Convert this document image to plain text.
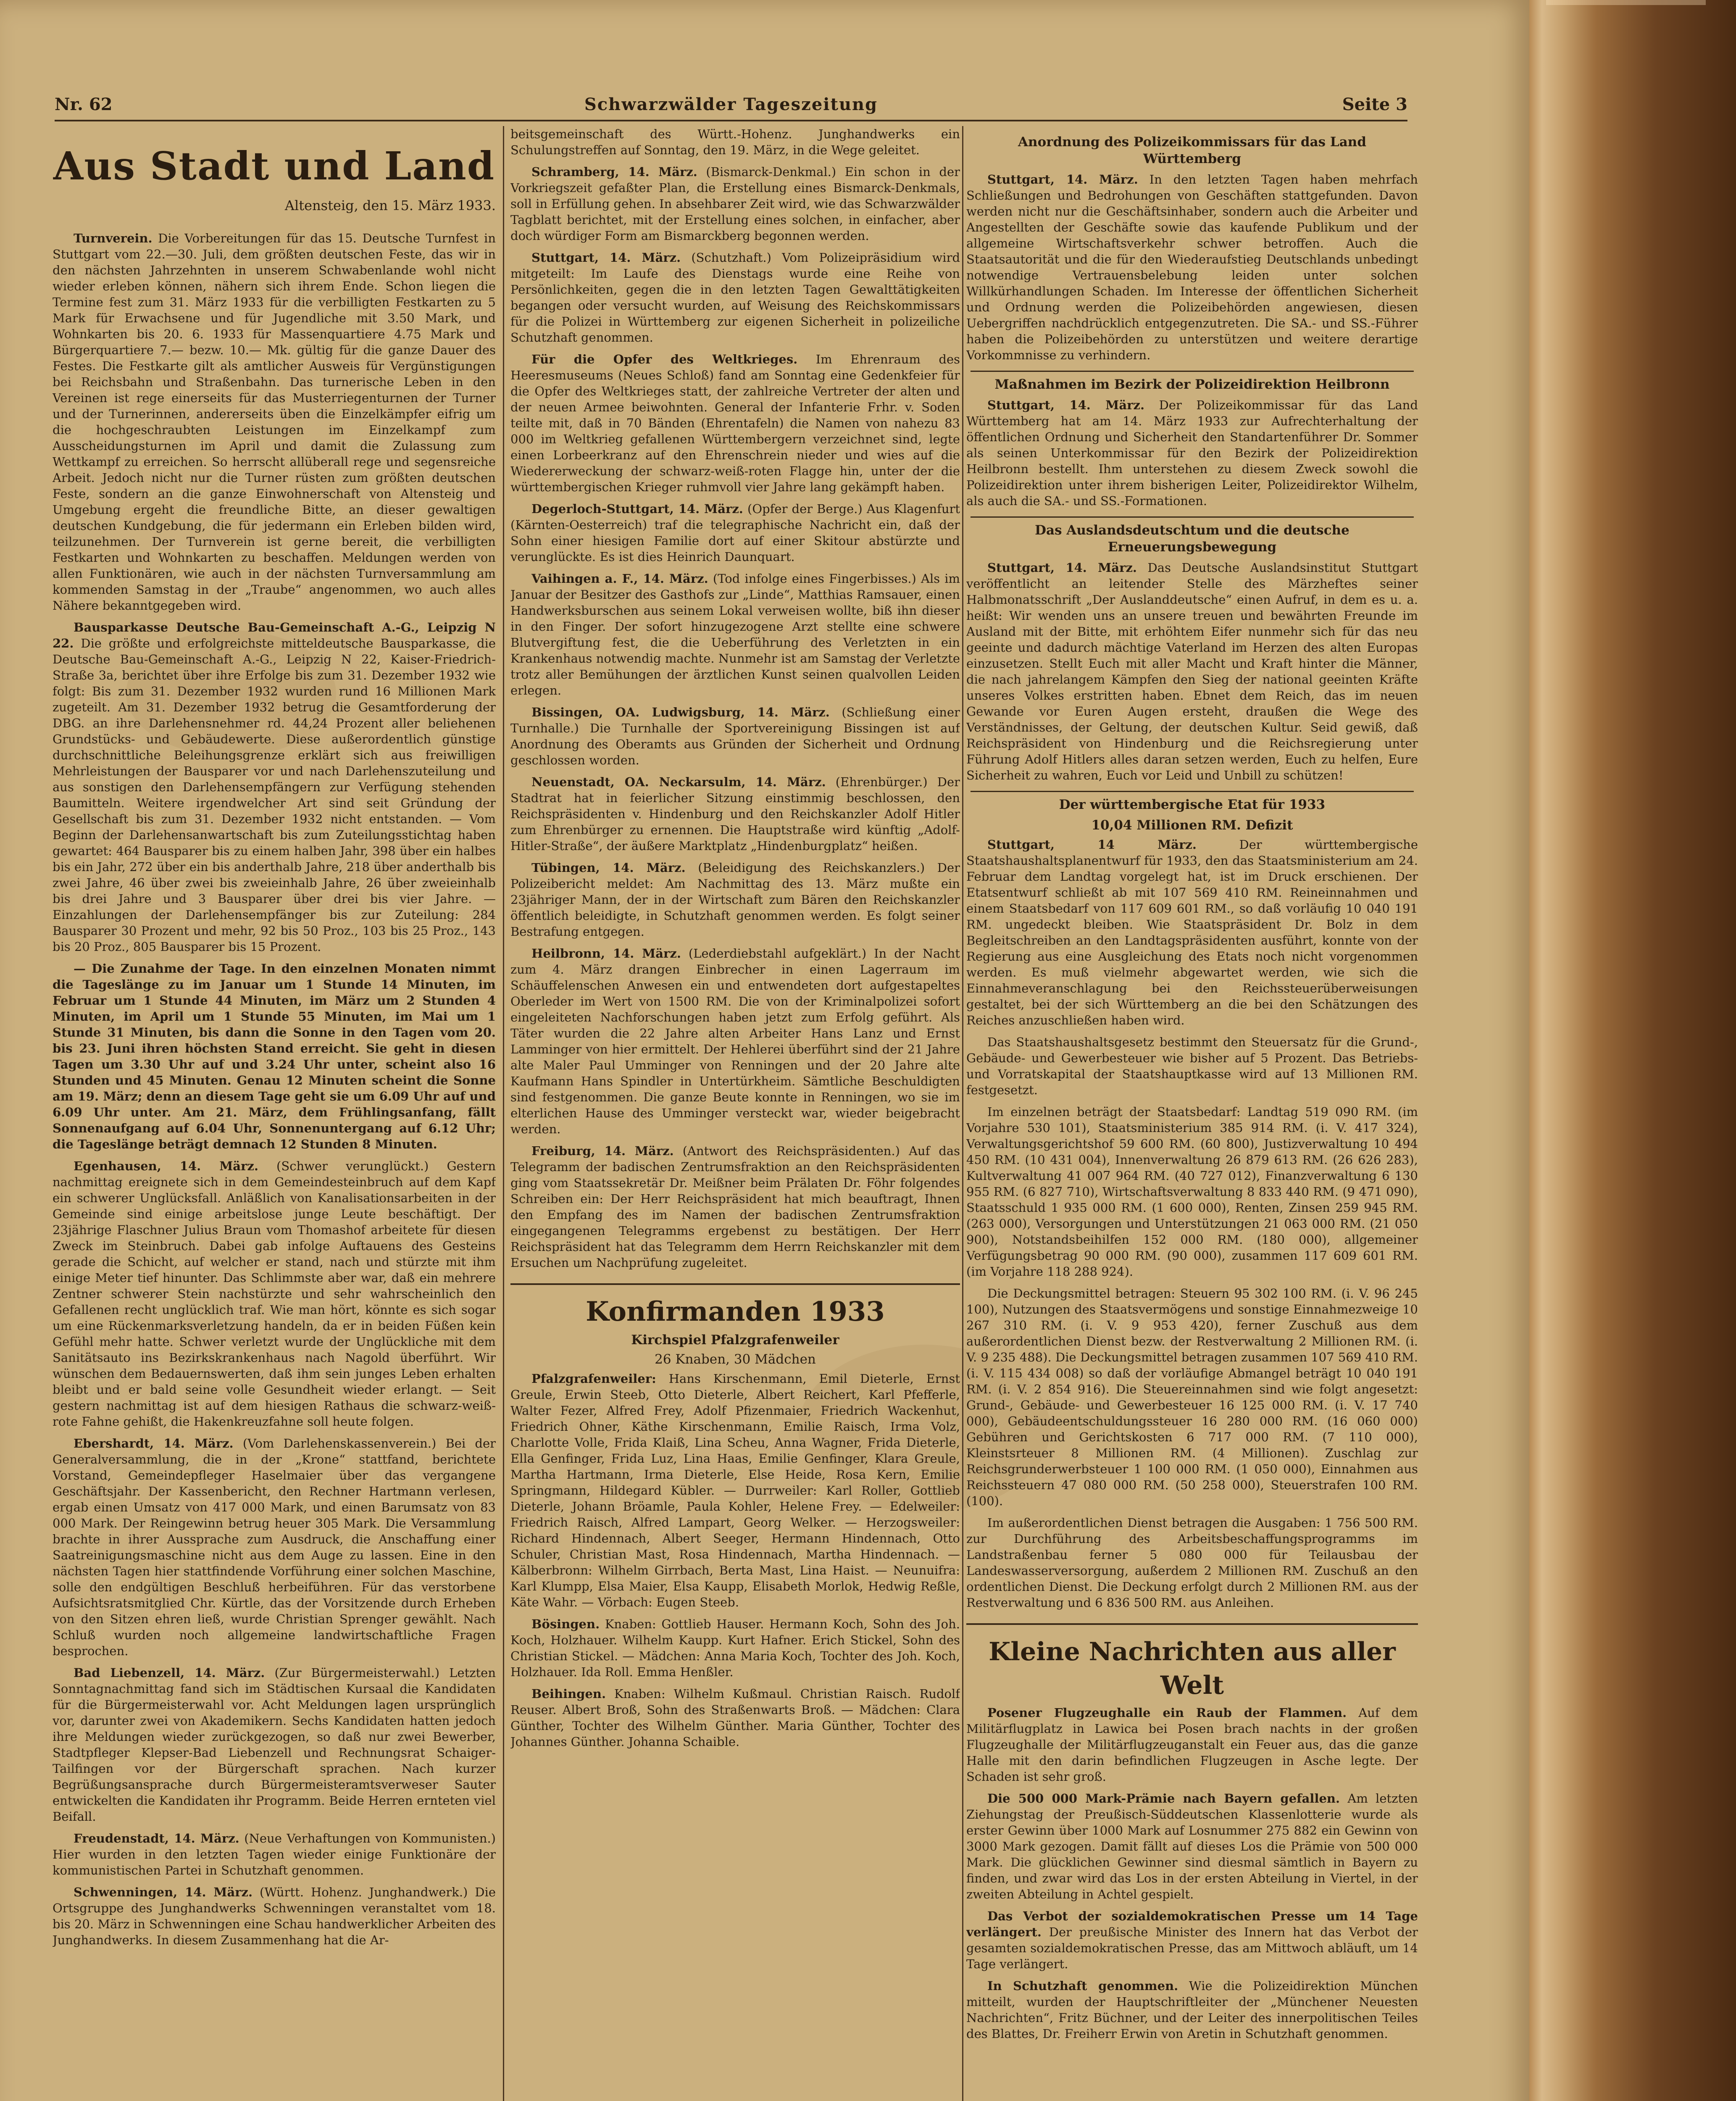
Nr. 62	Schwarzwälder Tageszeitung	Seite 3
Aus Stadt und Land
Altensteig, den 15. März 1933.

Turnverein. Die Vorbereitungen für das 15. Deutsche Turnfest in Stuttgart vom 22.—30. Juli, dem größten deutschen Feste, das wir in den nächsten Jahrzehnten in unserem Schwabenlande wohl nicht wieder erleben können, nähern sich ihrem Ende. Schon liegen die Termine fest zum 31. März 1933 für die verbilligten Festkarten zu 5 Mark für Erwachsene und für Jugendliche mit 3.50 Mark, und Wohnkarten bis 20. 6. 1933 für Massenquartiere 4.75 Mark und Bürgerquartiere 7.— bezw. 10.— Mk. gültig für die ganze Dauer des Festes. Die Festkarte gilt als amtlicher Ausweis für Vergünstigungen bei Reichsbahn und Straßenbahn. Das turnerische Leben in den Vereinen ist rege einerseits für das Musterriegenturnen der Turner und der Turnerinnen, andererseits üben die Einzelkämpfer eifrig um die hochgeschraubten Leistungen im Einzelkampf zum Ausscheidungsturnen im April und damit die Zulassung zum Wettkampf zu erreichen. So herrscht allüberall rege und segensreiche Arbeit. Jedoch nicht nur die Turner rüsten zum größten deutschen Feste, sondern an die ganze Einwohnerschaft von Altensteig und Umgebung ergeht die freundliche Bitte, an dieser gewaltigen deutschen Kundgebung, die für jedermann ein Erleben bilden wird, teilzunehmen. Der Turnverein ist gerne bereit, die verbilligten Festkarten und Wohnkarten zu beschaffen. Meldungen werden von allen Funktionären, wie auch in der nächsten Turnversammlung am kommenden Samstag in der „Traube“ angenommen, wo auch alles Nähere bekanntgegeben wird.

Bausparkasse Deutsche Bau-Gemeinschaft A.-G., Leipzig N 22. Die größte und erfolgreichste mitteldeutsche Bausparkasse, die Deutsche Bau-Gemeinschaft A.-G., Leipzig N 22, Kaiser-Friedrich-Straße 3a, berichtet über ihre Erfolge bis zum 31. Dezember 1932 wie folgt: Bis zum 31. Dezember 1932 wurden rund 16 Millionen Mark zugeteilt. Am 31. Dezember 1932 betrug die Gesamtforderung der DBG. an ihre Darlehensnehmer rd. 44,24 Prozent aller beliehenen Grundstücks- und Gebäudewerte. Diese außerordentlich günstige durchschnittliche Beleihungsgrenze erklärt sich aus freiwilligen Mehrleistungen der Bausparer vor und nach Darlehenszuteilung und aus sonstigen den Darlehensempfängern zur Verfügung stehenden Baumitteln. Weitere irgendwelcher Art sind seit Gründung der Gesellschaft bis zum 31. Dezember 1932 nicht entstanden. — Vom Beginn der Darlehensanwartschaft bis zum Zuteilungsstichtag haben gewartet: 464 Bausparer bis zu einem halben Jahr, 398 über ein halbes bis ein Jahr, 272 über ein bis anderthalb Jahre, 218 über anderthalb bis zwei Jahre, 46 über zwei bis zweieinhalb Jahre, 26 über zweieinhalb bis drei Jahre und 3 Bausparer über drei bis vier Jahre. — Einzahlungen der Darlehensempfänger bis zur Zuteilung: 284 Bausparer 30 Prozent und mehr, 92 bis 50 Proz., 103 bis 25 Proz., 143 bis 20 Proz., 805 Bausparer bis 15 Prozent.

— Die Zunahme der Tage. In den einzelnen Monaten nimmt die Tageslänge zu im Januar um 1 Stunde 14 Minuten, im Februar um 1 Stunde 44 Minuten, im März um 2 Stunden 4 Minuten, im April um 1 Stunde 55 Minuten, im Mai um 1 Stunde 31 Minuten, bis dann die Sonne in den Tagen vom 20. bis 23. Juni ihren höchsten Stand erreicht. Sie geht in diesen Tagen um 3.30 Uhr auf und 3.24 Uhr unter, scheint also 16 Stunden und 45 Minuten. Genau 12 Minuten scheint die Sonne am 19. März; denn an diesem Tage geht sie um 6.09 Uhr auf und 6.09 Uhr unter. Am 21. März, dem Frühlingsanfang, fällt Sonnenaufgang auf 6.04 Uhr, Sonnenuntergang auf 6.12 Uhr; die Tageslänge beträgt demnach 12 Stunden 8 Minuten.

Egenhausen, 14. März. (Schwer verunglückt.) Gestern nachmittag ereignete sich in dem Gemeindesteinbruch auf dem Kapf ein schwerer Unglücksfall. Anläßlich von Kanalisationsarbeiten in der Gemeinde sind einige arbeitslose junge Leute beschäftigt. Der 23jährige Flaschner Julius Braun vom Thomashof arbeitete für diesen Zweck im Steinbruch. Dabei gab infolge Auftauens des Gesteins gerade die Schicht, auf welcher er stand, nach und stürzte mit ihm einige Meter tief hinunter. Das Schlimmste aber war, daß ein mehrere Zentner schwerer Stein nachstürzte und sehr wahrscheinlich den Gefallenen recht unglücklich traf. Wie man hört, könnte es sich sogar um eine Rückenmarksverletzung handeln, da er in beiden Füßen kein Gefühl mehr hatte. Schwer verletzt wurde der Unglückliche mit dem Sanitätsauto ins Bezirkskrankenhaus nach Nagold überführt. Wir wünschen dem Bedauernswerten, daß ihm sein junges Leben erhalten bleibt und er bald seine volle Gesundheit wieder erlangt. — Seit gestern nachmittag ist auf dem hiesigen Rathaus die schwarz-weiß-rote Fahne gehißt, die Hakenkreuzfahne soll heute folgen.

Ebershardt, 14. März. (Vom Darlehenskassenverein.) Bei der Generalversammlung, die in der „Krone“ stattfand, berichtete Vorstand, Gemeindepfleger Haselmaier über das vergangene Geschäftsjahr. Der Kassenbericht, den Rechner Hartmann verlesen, ergab einen Umsatz von 417 000 Mark, und einen Barumsatz von 83 000 Mark. Der Reingewinn betrug heuer 305 Mark. Die Versammlung brachte in ihrer Aussprache zum Ausdruck, die Anschaffung einer Saatreinigungsmaschine nicht aus dem Auge zu lassen. Eine in den nächsten Tagen hier stattfindende Vorführung einer solchen Maschine, solle den endgültigen Beschluß herbeiführen. Für das verstorbene Aufsichtsratsmitglied Chr. Kürtle, das der Vorsitzende durch Erheben von den Sitzen ehren ließ, wurde Christian Sprenger gewählt. Nach Schluß wurden noch allgemeine landwirtschaftliche Fragen besprochen.

Bad Liebenzell, 14. März. (Zur Bürgermeisterwahl.) Letzten Sonntagnachmittag fand sich im Städtischen Kursaal die Kandidaten für die Bürgermeisterwahl vor. Acht Meldungen lagen ursprünglich vor, darunter zwei von Akademikern. Sechs Kandidaten hatten jedoch ihre Meldungen wieder zurückgezogen, so daß nur zwei Bewerber, Stadtpfleger Klepser-Bad Liebenzell und Rechnungsrat Schaiger-Tailfingen vor der Bürgerschaft sprachen. Nach kurzer Begrüßungsansprache durch Bürgermeisteramtsverweser Sauter entwickelten die Kandidaten ihr Programm. Beide Herren ernteten viel Beifall.

Freudenstadt, 14. März. (Neue Verhaftungen von Kommunisten.) Hier wurden in den letzten Tagen wieder einige Funktionäre der kommunistischen Partei in Schutzhaft genommen.

Schwenningen, 14. März. (Württ. Hohenz. Junghandwerk.) Die Ortsgruppe des Junghandwerks Schwenningen veranstaltet vom 18. bis 20. März in Schwenningen eine Schau handwerklicher Arbeiten des Junghandwerks. In diesem Zusammenhang hat die Ar-

beitsgemeinschaft des Württ.-Hohenz. Junghandwerks ein Schulungstreffen auf Sonntag, den 19. März, in die Wege geleitet.

Schramberg, 14. März. (Bismarck-Denkmal.) Ein schon in der Vorkriegszeit gefaßter Plan, die Erstellung eines Bismarck-Denkmals, soll in Erfüllung gehen. In absehbarer Zeit wird, wie das Schwarzwälder Tagblatt berichtet, mit der Erstellung eines solchen, in einfacher, aber doch würdiger Form am Bismarckberg begonnen werden.

Stuttgart, 14. März. (Schutzhaft.) Vom Polizeipräsidium wird mitgeteilt: Im Laufe des Dienstags wurde eine Reihe von Persönlichkeiten, gegen die in den letzten Tagen Gewalttätigkeiten begangen oder versucht wurden, auf Weisung des Reichskommissars für die Polizei in Württemberg zur eigenen Sicherheit in polizeiliche Schutzhaft genommen.

Für die Opfer des Weltkrieges. Im Ehrenraum des Heeresmuseums (Neues Schloß) fand am Sonntag eine Gedenkfeier für die Opfer des Weltkrieges statt, der zahlreiche Vertreter der alten und der neuen Armee beiwohnten. General der Infanterie Frhr. v. Soden teilte mit, daß in 70 Bänden (Ehrentafeln) die Namen von nahezu 83 000 im Weltkrieg gefallenen Württembergern verzeichnet sind, legte einen Lorbeerkranz auf den Ehrenschrein nieder und wies auf die Wiedererweckung der schwarz-weiß-roten Flagge hin, unter der die württembergischen Krieger ruhmvoll vier Jahre lang gekämpft haben.

Degerloch-Stuttgart, 14. März. (Opfer der Berge.) Aus Klagenfurt (Kärnten-Oesterreich) traf die telegraphische Nachricht ein, daß der Sohn einer hiesigen Familie dort auf einer Skitour abstürzte und verunglückte. Es ist dies Heinrich Daunquart.

Vaihingen a. F., 14. März. (Tod infolge eines Fingerbisses.) Als im Januar der Besitzer des Gasthofs zur „Linde“, Matthias Ramsauer, einen Handwerksburschen aus seinem Lokal verweisen wollte, biß ihn dieser in den Finger. Der sofort hinzugezogene Arzt stellte eine schwere Blutvergiftung fest, die die Ueberführung des Verletzten in ein Krankenhaus notwendig machte. Nunmehr ist am Samstag der Verletzte trotz aller Bemühungen der ärztlichen Kunst seinen qualvollen Leiden erlegen.

Bissingen, OA. Ludwigsburg, 14. März. (Schließung einer Turnhalle.) Die Turnhalle der Sportvereinigung Bissingen ist auf Anordnung des Oberamts aus Gründen der Sicherheit und Ordnung geschlossen worden.

Neuenstadt, OA. Neckarsulm, 14. März. (Ehrenbürger.) Der Stadtrat hat in feierlicher Sitzung einstimmig beschlossen, den Reichspräsidenten v. Hindenburg und den Reichskanzler Adolf Hitler zum Ehrenbürger zu ernennen. Die Hauptstraße wird künftig „Adolf-Hitler-Straße“, der äußere Marktplatz „Hindenburgplatz“ heißen.

Tübingen, 14. März. (Beleidigung des Reichskanzlers.) Der Polizeibericht meldet: Am Nachmittag des 13. März mußte ein 23jähriger Mann, der in der Wirtschaft zum Bären den Reichskanzler öffentlich beleidigte, in Schutzhaft genommen werden. Es folgt seiner Bestrafung entgegen.

Heilbronn, 14. März. (Lederdiebstahl aufgeklärt.) In der Nacht zum 4. März drangen Einbrecher in einen Lagerraum im Schäuffelenschen Anwesen ein und entwendeten dort aufgestapeltes Oberleder im Wert von 1500 RM. Die von der Kriminalpolizei sofort eingeleiteten Nachforschungen haben jetzt zum Erfolg geführt. Als Täter wurden die 22 Jahre alten Arbeiter Hans Lanz und Ernst Lamminger von hier ermittelt. Der Hehlerei überführt sind der 21 Jahre alte Maler Paul Umminger von Renningen und der 20 Jahre alte Kaufmann Hans Spindler in Untertürkheim. Sämtliche Beschuldigten sind festgenommen. Die ganze Beute konnte in Renningen, wo sie im elterlichen Hause des Umminger versteckt war, wieder beigebracht werden.

Freiburg, 14. März. (Antwort des Reichspräsidenten.) Auf das Telegramm der badischen Zentrumsfraktion an den Reichspräsidenten ging vom Staatssekretär Dr. Meißner beim Prälaten Dr. Föhr folgendes Schreiben ein: Der Herr Reichspräsident hat mich beauftragt, Ihnen den Empfang des im Namen der badischen Zentrumsfraktion eingegangenen Telegramms ergebenst zu bestätigen. Der Herr Reichspräsident hat das Telegramm dem Herrn Reichskanzler mit dem Ersuchen um Nachprüfung zugeleitet.

Konfirmanden 1933
Kirchspiel Pfalzgrafenweiler
26 Knaben, 30 Mädchen

Pfalzgrafenweiler: Hans Kirschenmann, Emil Dieterle, Ernst Greule, Erwin Steeb, Otto Dieterle, Albert Reichert, Karl Pfefferle, Walter Fezer, Alfred Frey, Adolf Pfizenmaier, Friedrich Wackenhut, Friedrich Ohner, Käthe Kirschenmann, Emilie Raisch, Irma Volz, Charlotte Volle, Frida Klaiß, Lina Scheu, Anna Wagner, Frida Dieterle, Ella Genfinger, Frida Luz, Lina Haas, Emilie Genfinger, Klara Greule, Martha Hartmann, Irma Dieterle, Else Heide, Rosa Kern, Emilie Springmann, Hildegard Kübler. — Durrweiler: Karl Roller, Gottlieb Dieterle, Johann Bröamle, Paula Kohler, Helene Frey. — Edelweiler: Friedrich Raisch, Alfred Lampart, Georg Welker. — Herzogsweiler: Richard Hindennach, Albert Seeger, Hermann Hindennach, Otto Schuler, Christian Mast, Rosa Hindennach, Martha Hindennach. — Kälberbronn: Wilhelm Girrbach, Berta Mast, Lina Haist. — Neunuifra: Karl Klumpp, Elsa Maier, Elsa Kaupp, Elisabeth Morlok, Hedwig Reßle, Käte Wahr. — Vörbach: Eugen Steeb.

Bösingen. Knaben: Gottlieb Hauser. Hermann Koch, Sohn des Joh. Koch, Holzhauer. Wilhelm Kaupp. Kurt Hafner. Erich Stickel, Sohn des Christian Stickel. — Mädchen: Anna Maria Koch, Tochter des Joh. Koch, Holzhauer. Ida Roll. Emma Henßler.

Beihingen. Knaben: Wilhelm Kußmaul. Christian Raisch. Rudolf Reuser. Albert Broß, Sohn des Straßenwarts Broß. — Mädchen: Clara Günther, Tochter des Wilhelm Günther. Maria Günther, Tochter des Johannes Günther. Johanna Schaible.

Anordnung des Polizeikommissars für das Land Württemberg

Stuttgart, 14. März. In den letzten Tagen haben mehrfach Schließungen und Bedrohungen von Geschäften stattgefunden. Davon werden nicht nur die Geschäftsinhaber, sondern auch die Arbeiter und Angestellten der Geschäfte sowie das kaufende Publikum und der allgemeine Wirtschaftsverkehr schwer betroffen. Auch die Staatsautorität und die für den Wiederaufstieg Deutschlands unbedingt notwendige Vertrauensbelebung leiden unter solchen Willkürhandlungen Schaden. Im Interesse der öffentlichen Sicherheit und Ordnung werden die Polizeibehörden angewiesen, diesen Uebergriffen nachdrücklich entgegenzutreten. Die SA.- und SS.-Führer haben die Polizeibehörden zu unterstützen und weitere derartige Vorkommnisse zu verhindern.

Maßnahmen im Bezirk der Polizeidirektion Heilbronn

Stuttgart, 14. März. Der Polizeikommissar für das Land Württemberg hat am 14. März 1933 zur Aufrechterhaltung der öffentlichen Ordnung und Sicherheit den Standartenführer Dr. Sommer als seinen Unterkommissar für den Bezirk der Polizeidirektion Heilbronn bestellt. Ihm unterstehen zu diesem Zweck sowohl die Polizeidirektion unter ihrem bisherigen Leiter, Polizeidirektor Wilhelm, als auch die SA.- und SS.-Formationen.

Das Auslandsdeutschtum und die deutsche Erneuerungsbewegung

Stuttgart, 14. März. Das Deutsche Auslandsinstitut Stuttgart veröffentlicht an leitender Stelle des Märzheftes seiner Halbmonatsschrift „Der Auslanddeutsche“ einen Aufruf, in dem es u. a. heißt: Wir wenden uns an unsere treuen und bewährten Freunde im Ausland mit der Bitte, mit erhöhtem Eifer nunmehr sich für das neu geeinte und dadurch mächtige Vaterland im Herzen des alten Europas einzusetzen. Stellt Euch mit aller Macht und Kraft hinter die Männer, die nach jahrelangem Kämpfen den Sieg der national geeinten Kräfte unseres Volkes erstritten haben. Ebnet dem Reich, das im neuen Gewande vor Euren Augen ersteht, draußen die Wege des Verständnisses, der Geltung, der deutschen Kultur. Seid gewiß, daß Reichspräsident von Hindenburg und die Reichsregierung unter Führung Adolf Hitlers alles daran setzen werden, Euch zu helfen, Eure Sicherheit zu wahren, Euch vor Leid und Unbill zu schützen!

Der württembergische Etat für 1933
10,04 Millionen RM. Defizit

Stuttgart, 14 März.	Der württembergische Staatshaushaltsplanentwurf für 1933, den das Staatsministerium am 24. Februar dem Landtag vorgelegt hat, ist im Druck erschienen. Der Etatsentwurf schließt ab mit 107 569 410 RM. Reineinnahmen und einem Staatsbedarf von 117 609 601 RM., so daß vorläufig 10 040 191 RM. ungedeckt bleiben. Wie Staatspräsident Dr. Bolz in dem Begleitschreiben an den Landtagspräsidenten ausführt, konnte von der Regierung aus eine Ausgleichung des Etats noch nicht vorgenommen werden. Es muß vielmehr abgewartet werden, wie sich die Einnahmeveranschlagung bei den Reichssteuerüberweisungen gestaltet, bei der sich Württemberg an die bei den Schätzungen des Reiches anzuschließen haben wird.

Das Staatshaushaltsgesetz bestimmt den Steuersatz für die Grund-, Gebäude- und Gewerbesteuer wie bisher auf 5 Prozent. Das Betriebs- und Vorratskapital der Staatshauptkasse wird auf 13 Millionen RM. festgesetzt.

Im einzelnen beträgt der Staatsbedarf: Landtag 519 090 RM. (im Vorjahre 530 101), Staatsministerium 385 914 RM. (i. V. 417 324), Verwaltungsgerichtshof 59 600 RM. (60 800), Justizverwaltung 10 494 450 RM. (10 431 004), Innenverwaltung 26 879 613 RM. (26 626 283), Kultverwaltung 41 007 964 RM. (40 727 012), Finanzverwaltung 6 130 955 RM. (6 827 710), Wirtschaftsverwaltung 8 833 440 RM. (9 471 090), Staatsschuld 1 935 000 RM. (1 600 000), Renten, Zinsen 259 945 RM. (263 000), Versorgungen und Unterstützungen 21 063 000 RM. (21 050 900), Notstandsbeihilfen 152 000 RM. (180 000), allgemeiner Verfügungsbetrag 90 000 RM. (90 000), zusammen 117 609 601 RM. (im Vorjahre 118 288 924).

Die Deckungsmittel betragen: Steuern 95 302 100 RM. (i. V. 96 245 100), Nutzungen des Staatsvermögens und sonstige Einnahmezweige 10 267 310 RM. (i. V. 9 953 420), ferner Zuschuß aus dem außerordentlichen Dienst bezw. der Restverwaltung 2 Millionen RM. (i. V. 9 235 488). Die Deckungsmittel betragen zusammen 107 569 410 RM. (i. V. 115 434 008) so daß der vorläufige Abmangel beträgt 10 040 191 RM. (i. V. 2 854 916). Die Steuereinnahmen sind wie folgt angesetzt: Grund-, Gebäude- und Gewerbesteuer 16 125 000 RM. (i. V. 17 740 000), Gebäudeentschuldungssteuer 16 280 000 RM. (16 060 000) Gebühren und Gerichtskosten 6 717 000 RM. (7 110 000), Kleinstsrteuer 8 Millionen RM. (4 Millionen). Zuschlag zur Reichsgrunderwerbsteuer 1 100 000 RM. (1 050 000), Einnahmen aus Reichssteuern 47 080 000 RM. (50 258 000), Steuerstrafen 100 RM. (100).

Im außerordentlichen Dienst betragen die Ausgaben: 1 756 500 RM. zur Durchführung des Arbeitsbeschaffungsprogramms im Landstraßenbau ferner 5 080 000 für Teilausbau der Landeswasserversorgung, außerdem 2 Millionen RM. Zuschuß an den ordentlichen Dienst. Die Deckung erfolgt durch 2 Millionen RM. aus der Restverwaltung und 6 836 500 RM. aus Anleihen.

Kleine Nachrichten aus aller Welt

Posener Flugzeughalle ein Raub der Flammen. Auf dem Militärflugplatz in Lawica bei Posen brach nachts in der großen Flugzeughalle der Militärflugzeuganstalt ein Feuer aus, das die ganze Halle mit den darin befindlichen Flugzeugen in Asche legte. Der Schaden ist sehr groß.

Die 500 000 Mark-Prämie nach Bayern gefallen. Am letzten Ziehungstag der Preußisch-Süddeutschen Klassenlotterie wurde als erster Gewinn über 1000 Mark auf Losnummer 275 882 ein Gewinn von 3000 Mark gezogen. Damit fällt auf dieses Los die Prämie von 500 000 Mark. Die glücklichen Gewinner sind diesmal sämtlich in Bayern zu finden, und zwar wird das Los in der ersten Abteilung in Viertel, in der zweiten Abteilung in Achtel gespielt.

Das Verbot der sozialdemokratischen Presse um 14 Tage verlängert. Der preußische Minister des Innern hat das Verbot der gesamten sozialdemokratischen Presse, das am Mittwoch abläuft, um 14 Tage verlängert.

In Schutzhaft genommen. Wie die Polizeidirektion München mitteilt, wurden der Hauptschriftleiter der „Münchener Neuesten Nachrichten“, Fritz Büchner, und der Leiter des innerpolitischen Teiles des Blattes, Dr. Freiherr Erwin von Aretin in Schutzhaft genommen.
